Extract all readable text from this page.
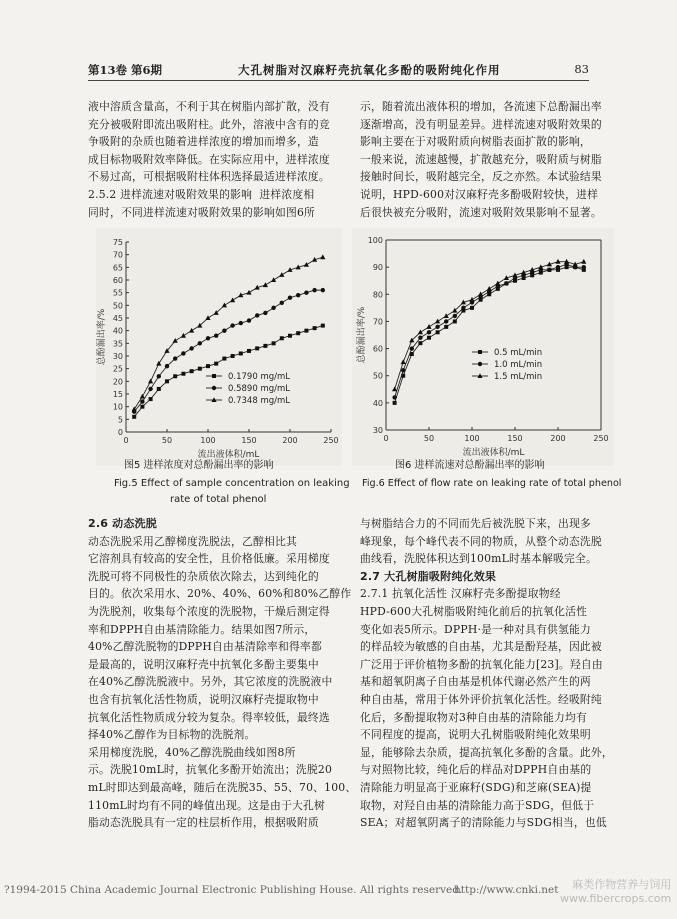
第13卷 第6期	大孔树脂对汉麻籽壳抗氧化多酚的吸附纯化作用	83

液中溶质含量高，不利于其在树脂内部扩散，没有

充分被吸附即流出吸附柱。此外，溶液中含有的竞

争吸附的杂质也随着进样浓度的增加而增多，造

成目标物吸附效率降低。在实际应用中，进样浓度

不易过高，可根据吸附柱体积选择最适进样浓度。

2.5.2 进样流速对吸附效果的影响 进样浓度相

同时，不同进样流速对吸附效果的影响如图6所

示，随着流出液体积的增加，各流速下总酚漏出率

逐渐增高，没有明显差异。进样流速对吸附效果的

影响主要在于对吸附质向树脂表面扩散的影响，

一般来说，流速越慢，扩散越充分，吸附质与树脂

接触时间长，吸附越完全，反之亦然。本试验结果

说明，HPD-600对汉麻籽壳多酚吸附较快，进样

后很快被充分吸附，流速对吸附效果影响不显著。

0
5
10
15
20
25
30
35
40
45
50
55
60
65
70
75
0	50	100	150	200	250
流出液体积/mL
总酚漏出率/%
0.1790 mg/mL
0.5890 mg/mL
0.7348 mg/mL
图5 进样浓度对总酚漏出率的影响
Fig.5 Effect of sample concentration on leaking
rate of total phenol
30
40
50
60
70
80
90
100
0	50	100	150	200	250
流出液体积/mL
总酚漏出率/%	0.5 mL/min
1.0 mL/min
1.5 mL/min
图6 进样流速对总酚漏出率的影响
Fig.6 Effect of flow rate on leaking rate of total phenol

2.6 动态洗脱

动态洗脱采用乙醇梯度洗脱法，乙醇相比其

它溶剂具有较高的安全性，且价格低廉。采用梯度

洗脱可将不同极性的杂质依次除去，达到纯化的

目的。依次采用水、20%、40%、60%和80%乙醇作

为洗脱剂，收集每个浓度的洗脱物，干燥后测定得

率和DPPH自由基清除能力。结果如图7所示，

40%乙醇洗脱物的DPPH自由基清除率和得率都

是最高的，说明汉麻籽壳中抗氧化多酚主要集中

在40%乙醇洗脱液中。另外，其它浓度的洗脱液中

也含有抗氧化活性物质，说明汉麻籽壳提取物中

抗氧化活性物质成分较为复杂。得率较低，最终选

择40%乙醇作为目标物的洗脱剂。

采用梯度洗脱，40%乙醇洗脱曲线如图8所

示。洗脱10mL时，抗氧化多酚开始流出；洗脱20

mL时即达到最高峰，随后在洗脱35、55、70、100、

110mL时均有不同的峰值出现。这是由于大孔树

脂动态洗脱具有一定的柱层析作用，根据吸附质

与树脂结合力的不同而先后被洗脱下来，出现多

峰现象，每个峰代表不同的物质，从整个动态洗脱

曲线看，洗脱体积达到100mL时基本解吸完全。

2.7 大孔树脂吸附纯化效果

2.7.1 抗氧化活性 汉麻籽壳多酚提取物经

HPD-600大孔树脂吸附纯化前后的抗氧化活性

变化如表5所示。DPPH·是一种对具有供氢能力

的样品较为敏感的自由基，尤其是酚羟基，因此被

广泛用于评价植物多酚的抗氧化能力[23]。羟自由

基和超氧阴离子自由基是机体代谢必然产生的两

种自由基，常用于体外评价抗氧化活性。经吸附纯

化后，多酚提取物对3种自由基的清除能力均有

不同程度的提高，说明大孔树脂吸附纯化效果明

显，能够除去杂质，提高抗氧化多酚的含量。此外，

与对照物比较，纯化后的样品对DPPH自由基的

清除能力明显高于亚麻籽(SDG)和芝麻(SEA)提

取物，对羟自由基的清除能力高于SDG，但低于

SEA；对超氧阴离子的清除能力与SDG相当，也低

?1994-2015 China Academic Journal Electronic Publishing House. All rights reserved.
http://www.cnki.net	麻类作物营养与饲用
www.fibercrops.com
